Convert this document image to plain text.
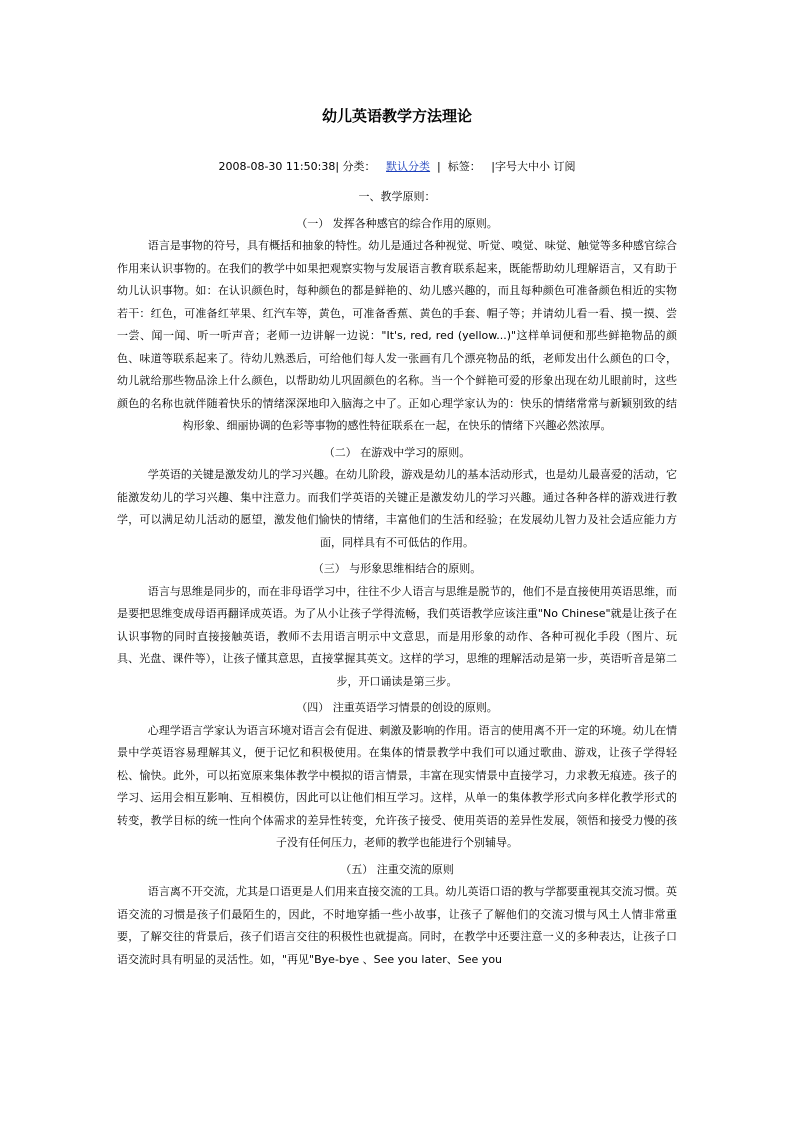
幼儿英语教学方法理论
2008-08-30 11:50:38| 分类： 默认分类 | 标签： |字号大中小 订阅

一、教学原则：

（一） 发挥各种感官的综合作用的原则。

语言是事物的符号，具有概括和抽象的特性。幼儿是通过各种视觉、听觉、嗅觉、味觉、触觉等多种感官综合作用来认识事物的。在我们的教学中如果把观察实物与发展语言教育联系起来，既能帮助幼儿理解语言，又有助于幼儿认识事物。如：在认识颜色时，每种颜色的都是鲜艳的、幼儿感兴趣的，而且每种颜色可准备颜色相近的实物若干：红色，可准备红苹果、红汽车等，黄色，可准备香蕉、黄色的手套、帽子等；并请幼儿看一看、摸一摸、尝一尝、闻一闻、听一听声音；老师一边讲解一边说："It's, red, red (yellow...)"这样单词便和那些鲜艳物品的颜色、味道等联系起来了。待幼儿熟悉后，可给他们每人发一张画有几个漂亮物品的纸，老师发出什么颜色的口令，幼儿就给那些物品涂上什么颜色，以帮助幼儿巩固颜色的名称。当一个个鲜艳可爱的形象出现在幼儿眼前时，这些颜色的名称也就伴随着快乐的情绪深深地印入脑海之中了。正如心理学家认为的：快乐的情绪常常与新颖别致的结构形象、细丽协调的色彩等事物的感性特征联系在一起，在快乐的情绪下兴趣必然浓厚。

（二） 在游戏中学习的原则。

学英语的关键是激发幼儿的学习兴趣。在幼儿阶段，游戏是幼儿的基本活动形式，也是幼儿最喜爱的活动，它能激发幼儿的学习兴趣、集中注意力。而我们学英语的关键正是激发幼儿的学习兴趣。通过各种各样的游戏进行教学，可以满足幼儿活动的愿望，激发他们愉快的情绪，丰富他们的生活和经验；在发展幼儿智力及社会适应能力方面，同样具有不可低估的作用。

（三） 与形象思维相结合的原则。

语言与思维是同步的，而在非母语学习中，往往不少人语言与思维是脱节的，他们不是直接使用英语思维，而是要把思维变成母语再翻译成英语。为了从小让孩子学得流畅，我们英语教学应该注重"No Chinese"就是让孩子在认识事物的同时直接接触英语，教师不去用语言明示中文意思，而是用形象的动作、各种可视化手段（图片、玩具、光盘、课件等），让孩子懂其意思，直接掌握其英文。这样的学习，思维的理解活动是第一步，英语听音是第二步，开口诵读是第三步。

（四） 注重英语学习情景的创设的原则。

心理学语言学家认为语言环境对语言会有促进、刺激及影响的作用。语言的使用离不开一定的环境。幼儿在情景中学英语容易理解其义，便于记忆和积极使用。在集体的情景教学中我们可以通过歌曲、游戏，让孩子学得轻松、愉快。此外，可以拓宽原来集体教学中模拟的语言情景，丰富在现实情景中直接学习，力求教无痕迹。孩子的学习、运用会相互影响、互相模仿，因此可以让他们相互学习。这样，从单一的集体教学形式向多样化教学形式的转变，教学目标的统一性向个体需求的差异性转变，允许孩子接受、使用英语的差异性发展，领悟和接受力慢的孩子没有任何压力，老师的教学也能进行个别辅导。

（五） 注重交流的原则

语言离不开交流，尤其是口语更是人们用来直接交流的工具。幼儿英语口语的教与学都要重视其交流习惯。英语交流的习惯是孩子们最陌生的，因此，不时地穿插一些小故事，让孩子了解他们的交流习惯与风土人情非常重要，了解交往的背景后，孩子们语言交往的积极性也就提高。同时，在教学中还要注意一义的多种表达，让孩子口语交流时具有明显的灵活性。如，"再见"Bye-bye 、See you later、See you
